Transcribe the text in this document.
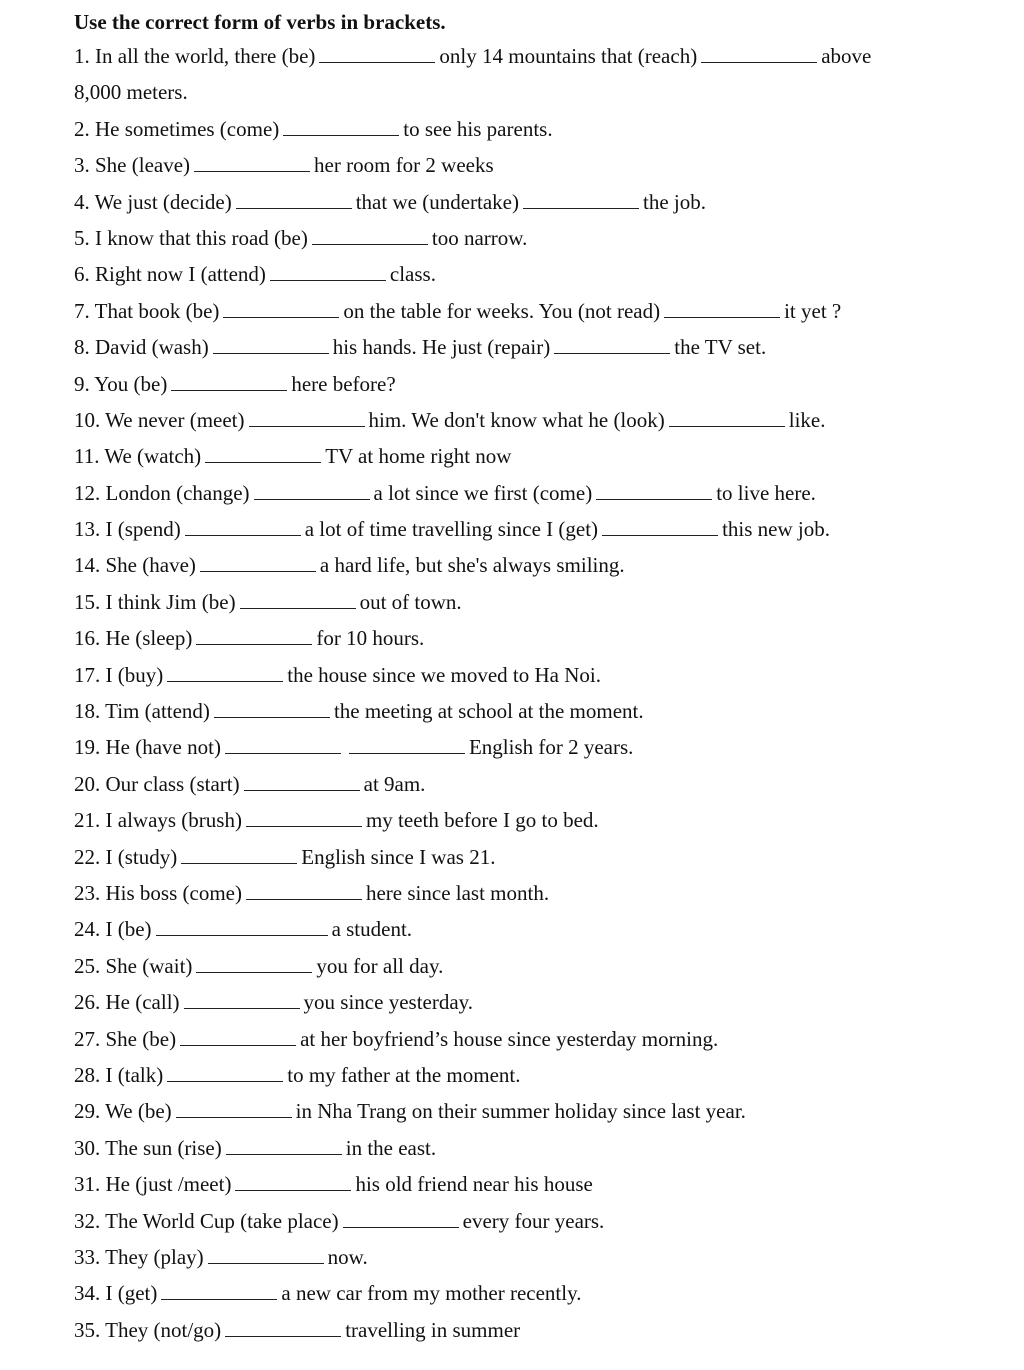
Use the correct form of verbs in brackets.
1. In all the world, there (be)	only 14 mountains that (reach)	above
8,000 meters.
2. He sometimes (come)	to see his parents.
3. She (leave)	her room for 2 weeks
4. We just (decide)	that we (undertake)	the job.
5. I know that this road (be)	too narrow.
6. Right now I (attend)	class.
7. That book (be)	on the table for weeks. You (not read)	it yet ?
8. David (wash)	his hands. He just (repair)	the TV set.
9. You (be)	here before?
10. We never (meet)	him. We don't know what he (look)	like.
11. We (watch)	TV at home right now
12. London (change)	a lot since we first (come)	to live here.
13. I (spend)	a lot of time travelling since I (get)	this new job.
14. She (have)	a hard life, but she's always smiling.
15. I think Jim (be)	out of town.
16. He (sleep)	for 10 hours.
17. I (buy)	the house since we moved to Ha Noi.
18. Tim (attend)	the meeting at school at the moment.
19. He (have not)	English for 2 years.
20. Our class (start)	at 9am.
21. I always (brush)	my teeth before I go to bed.
22. I (study)	English since I was 21.
23. His boss (come)	here since last month.
24. I (be)	a student.
25. She (wait)	you for all day.
26. He (call)	you since yesterday.
27. She (be)	at her boyfriend’s house since yesterday morning.
28. I (talk)	to my father at the moment.
29. We (be)	in Nha Trang on their summer holiday since last year.
30. The sun (rise)	in the east.
31. He (just /meet)	his old friend near his house
32. The World Cup (take place)	every four years.
33. They (play)	now.
34. I (get)	a new car from my mother recently.
35. They (not/go)	travelling in summer
